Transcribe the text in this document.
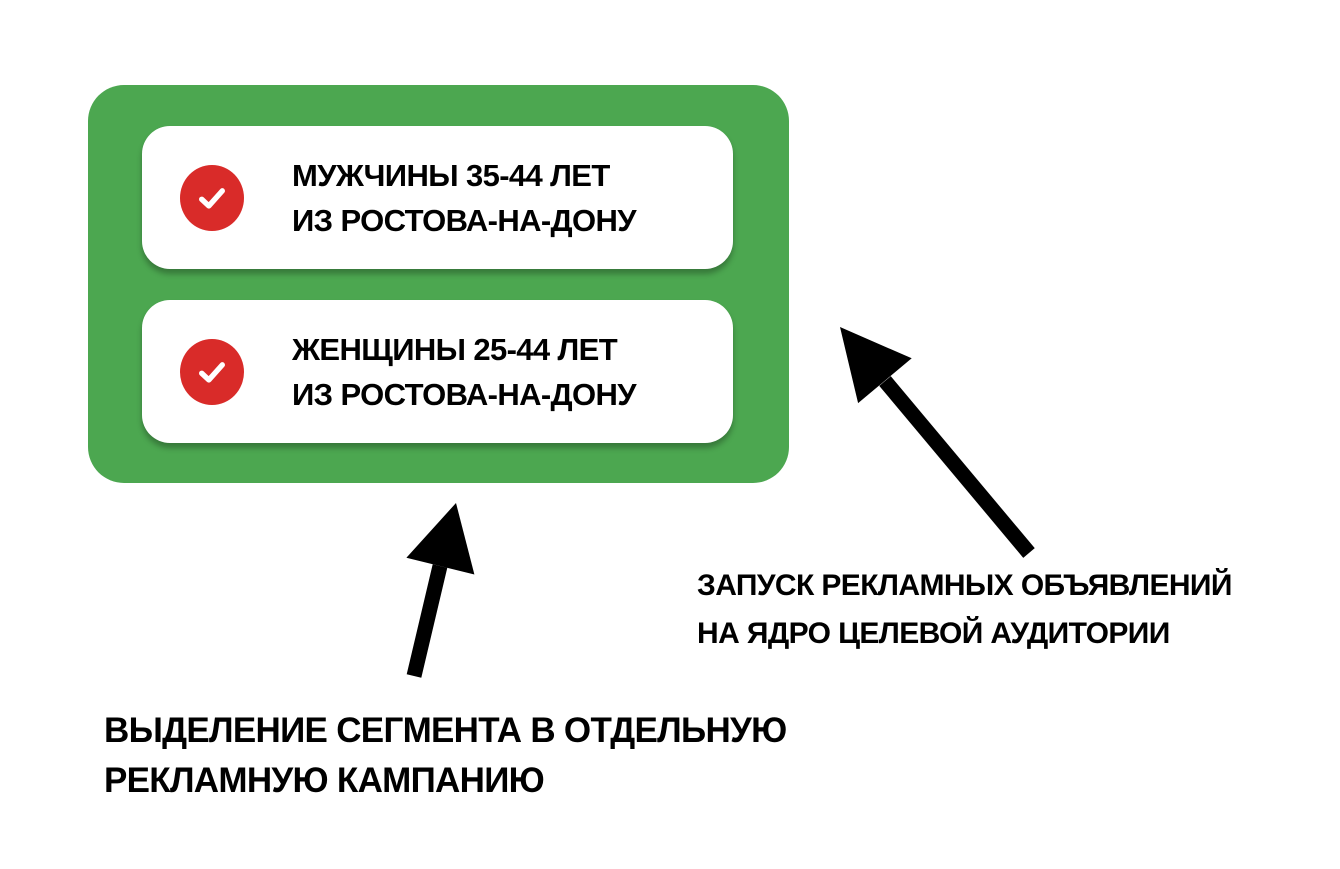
МУЖЧИНЫ 35-44 ЛЕТ
ИЗ РОСТОВА-НА-ДОНУ
ЖЕНЩИНЫ 25-44 ЛЕТ
ИЗ РОСТОВА-НА-ДОНУ
ВЫДЕЛЕНИЕ СЕГМЕНТА В ОТДЕЛЬНУЮ
РЕКЛАМНУЮ КАМПАНИЮ
ЗАПУСК РЕКЛАМНЫХ ОБЪЯВЛЕНИЙ
НА ЯДРО ЦЕЛЕВОЙ АУДИТОРИИ
